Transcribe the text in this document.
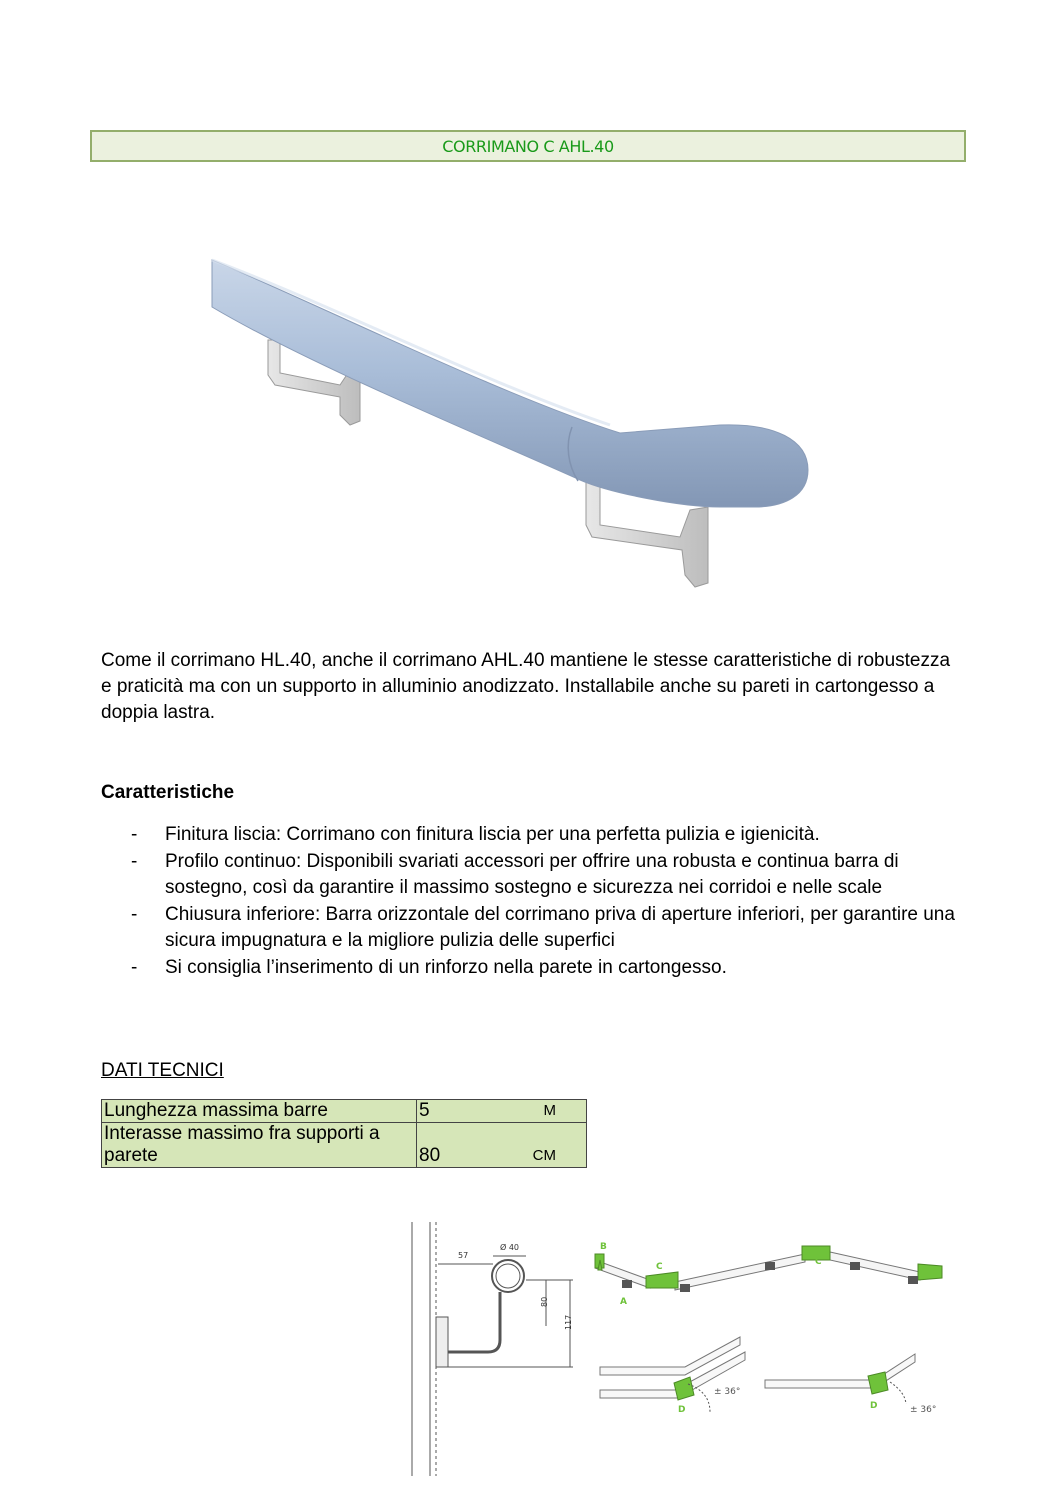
CORRIMANO C AHL.40

Come il corrimano HL.40, anche il corrimano AHL.40 mantiene le stesse caratteristiche di robustezza e praticità ma con un supporto in alluminio anodizzato. Installabile anche su pareti in cartongesso a doppia lastra.

Caratteristiche
- Finitura liscia: Corrimano con finitura liscia per una perfetta pulizia e igienicità.
- Profilo continuo: Disponibili svariati accessori per offrire una robusta e continua barra di sostegno, così da garantire il massimo sostegno e sicurezza nei corridoi e nelle scale
- Chiusura inferiore: Barra orizzontale del corrimano priva di aperture inferiori, per garantire una sicura impugnatura e la migliore pulizia delle superfici
- Si consiglia l’inserimento di un rinforzo nella parete in cartongesso.
DATI TECNICI
Lunghezza massima barre	5 M

Interasse massimo fra supporti a parete	80 CM
57
Ø 40
80
117
B
C	C
A
D
± 36°
D	± 36°
